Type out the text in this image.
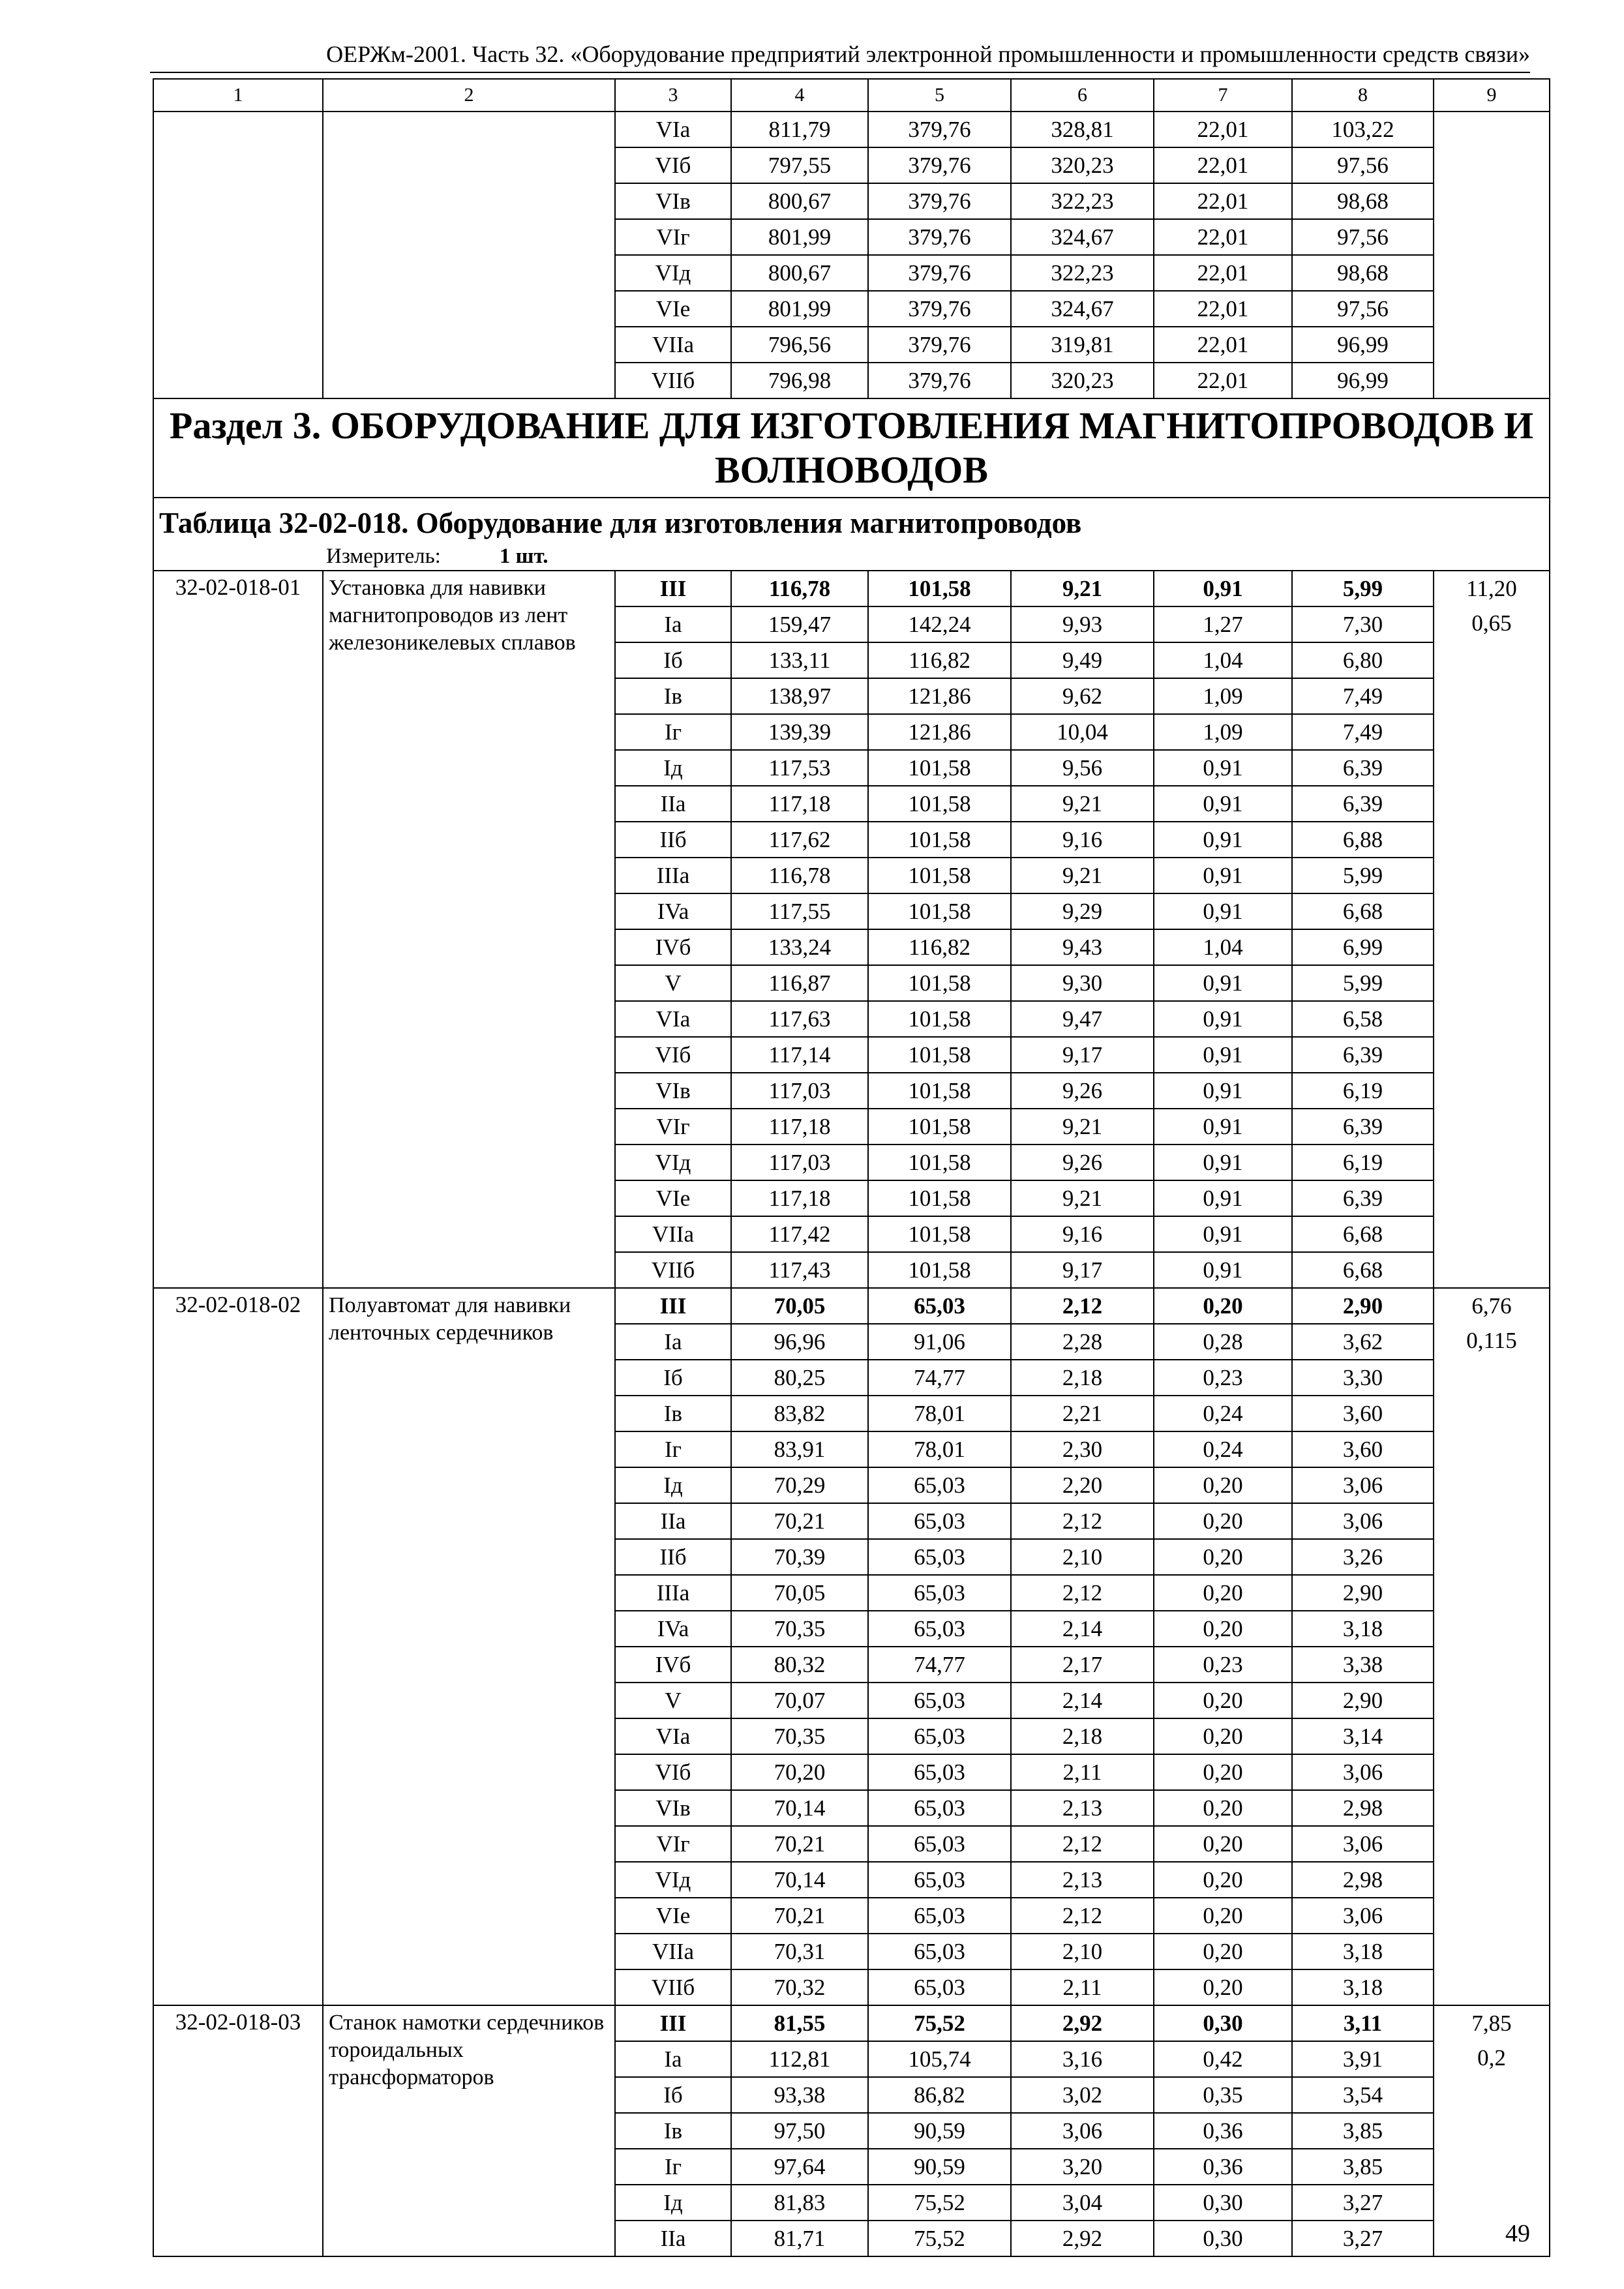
ОЕРЖм-2001. Часть 32. «Оборудование предприятий электронной промышленности и промышленности средств связи»
1	2	3	4	5	6	7	8	9
		VIa	811,79	379,76	328,81	22,01	103,22	
		VIб	797,55	379,76	320,23	22,01	97,56	
		VIв	800,67	379,76	322,23	22,01	98,68	
		VIг	801,99	379,76	324,67	22,01	97,56	
		VIд	800,67	379,76	322,23	22,01	98,68	
		VIe	801,99	379,76	324,67	22,01	97,56	
		VIIa	796,56	379,76	319,81	22,01	96,99	
		VIIб	796,98	379,76	320,23	22,01	96,99	
Раздел 3. ОБОРУДОВАНИЕ ДЛЯ ИЗГОТОВЛЕНИЯ МАГНИТОПРОВОДОВ И ВОЛНОВОДОВ								

Таблица 32-02-018. Оборудование для изготовления магнитопроводов
Измеритель: 1 шт.								

32-02-018-01	Установка для навивки магнитопроводов из лент железоникелевых сплавов	III	116,78	101,58	9,21	0,91	5,99	11,20
0,65

		Ia	159,47	142,24	9,93	1,27	7,30	
		Iб	133,11	116,82	9,49	1,04	6,80	
		Iв	138,97	121,86	9,62	1,09	7,49	
		Iг	139,39	121,86	10,04	1,09	7,49	
		Iд	117,53	101,58	9,56	0,91	6,39	
		IIa	117,18	101,58	9,21	0,91	6,39	
		IIб	117,62	101,58	9,16	0,91	6,88	
		IIIa	116,78	101,58	9,21	0,91	5,99	
		IVa	117,55	101,58	9,29	0,91	6,68	
		IVб	133,24	116,82	9,43	1,04	6,99	
		V	116,87	101,58	9,30	0,91	5,99	
		VIa	117,63	101,58	9,47	0,91	6,58	
		VIб	117,14	101,58	9,17	0,91	6,39	
		VIв	117,03	101,58	9,26	0,91	6,19	
		VIг	117,18	101,58	9,21	0,91	6,39	
		VIд	117,03	101,58	9,26	0,91	6,19	
		VIe	117,18	101,58	9,21	0,91	6,39	
		VIIa	117,42	101,58	9,16	0,91	6,68	
		VIIб	117,43	101,58	9,17	0,91	6,68	
32-02-018-02	Полуавтомат для навивки ленточных сердечников	III	70,05	65,03	2,12	0,20	2,90	6,76
0,115

		Ia	96,96	91,06	2,28	0,28	3,62	
		Iб	80,25	74,77	2,18	0,23	3,30	
		Iв	83,82	78,01	2,21	0,24	3,60	
		Iг	83,91	78,01	2,30	0,24	3,60	
		Iд	70,29	65,03	2,20	0,20	3,06	
		IIa	70,21	65,03	2,12	0,20	3,06	
		IIб	70,39	65,03	2,10	0,20	3,26	
		IIIa	70,05	65,03	2,12	0,20	2,90	
		IVa	70,35	65,03	2,14	0,20	3,18	
		IVб	80,32	74,77	2,17	0,23	3,38	
		V	70,07	65,03	2,14	0,20	2,90	
		VIa	70,35	65,03	2,18	0,20	3,14	
		VIб	70,20	65,03	2,11	0,20	3,06	
		VIв	70,14	65,03	2,13	0,20	2,98	
		VIг	70,21	65,03	2,12	0,20	3,06	
		VIд	70,14	65,03	2,13	0,20	2,98	
		VIe	70,21	65,03	2,12	0,20	3,06	
		VIIa	70,31	65,03	2,10	0,20	3,18	
		VIIб	70,32	65,03	2,11	0,20	3,18	
32-02-018-03	Станок намотки сердечников тороидальных трансформаторов	III	81,55	75,52	2,92	0,30	3,11	7,85
0,2

		Ia	112,81	105,74	3,16	0,42	3,91	
		Iб	93,38	86,82	3,02	0,35	3,54	
		Iв	97,50	90,59	3,06	0,36	3,85	
		Iг	97,64	90,59	3,20	0,36	3,85	
		Iд	81,83	75,52	3,04	0,30	3,27	
		IIa	81,71	75,52	2,92	0,30	3,27		49
